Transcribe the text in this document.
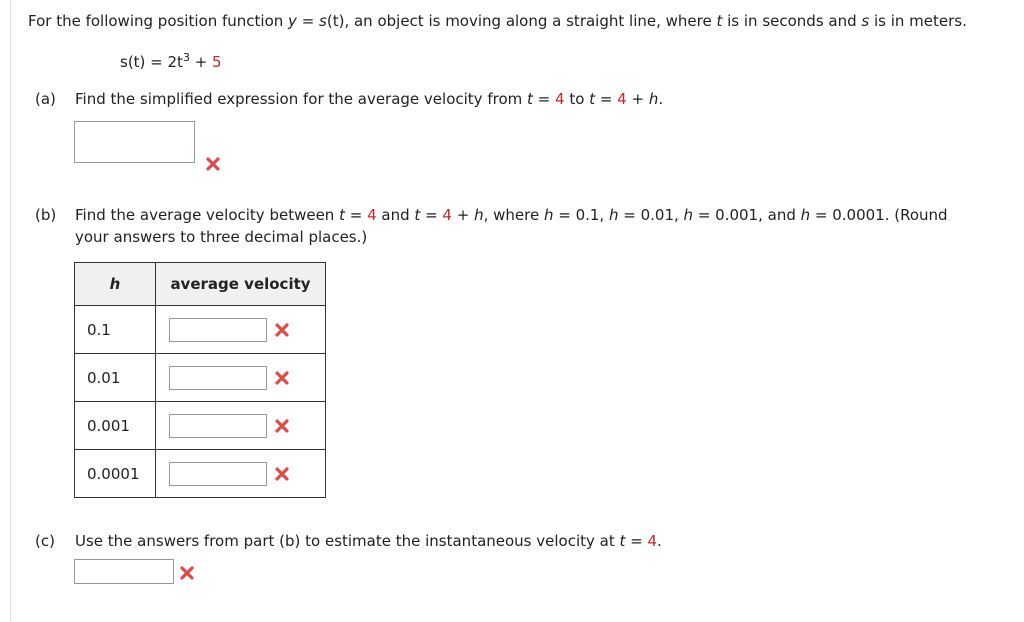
For the following position function y = s(t), an object is moving along a straight line, where t is in seconds and s is in meters.
$s(t) = 2t^3 + 5$
(a) Find the simplified expression for the average velocity from t = 4 to t = 4 + h.
(b) Find the average velocity between t = 4 and t = 4 + h, where h = 0.1, h = 0.01, h = 0.001, and h = 0.0001. (Round
your answers to three decimal places.)
h	average velocity
0.1	

0.01	

0.001	

0.0001	
(c) Use the answers from part (b) to estimate the instantaneous velocity at t = 4.
